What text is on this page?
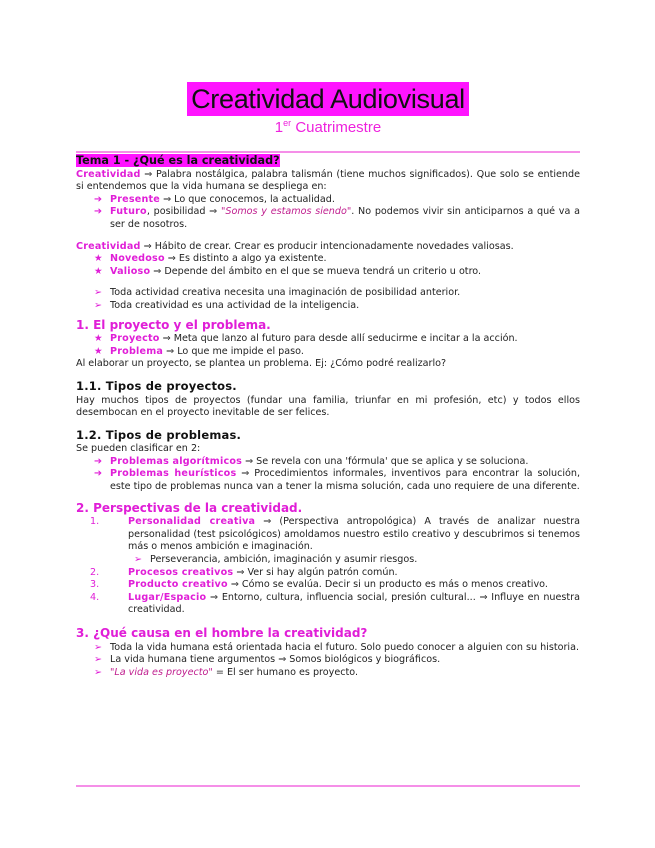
Creatividad Audiovisual
1er Cuatrimestre
Tema 1 - ¿Qué es la creatividad?

Creatividad ⇒ Palabra nostálgica, palabra talismán (tiene muchos significados). Que solo se entiende si entendemos que la vida humana se despliega en:

➔ Presente ⇒ Lo que conocemos, la actualidad.

➔ Futuro, posibilidad ⇒ "Somos y estamos siendo". No podemos vivir sin anticiparnos a qué va a ser de nosotros.

Creatividad ⇒ Hábito de crear. Crear es producir intencionadamente novedades valiosas.

★ Novedoso ⇒ Es distinto a algo ya existente.

★ Valioso ⇒ Depende del ámbito en el que se mueva tendrá un criterio u otro.

➢ Toda actividad creativa necesita una imaginación de posibilidad anterior.

➢ Toda creatividad es una actividad de la inteligencia.

1. El proyecto y el problema.
★ Proyecto ⇒ Meta que lanzo al futuro para desde allí seducirme e incitar a la acción.

★ Problema ⇒ Lo que me impide el paso.

Al elaborar un proyecto, se plantea un problema. Ej: ¿Cómo podré realizarlo?

1.1. Tipos de proyectos.

Hay muchos tipos de proyectos (fundar una familia, triunfar en mi profesión, etc) y todos ellos desembocan en el proyecto inevitable de ser felices.

1.2. Tipos de problemas.

Se pueden clasificar en 2:

➔ Problemas algorítmicos ⇒ Se revela con una 'fórmula' que se aplica y se soluciona.

➔ Problemas heurísticos ⇒ Procedimientos informales, inventivos para encontrar la solución, este tipo de problemas nunca van a tener la misma solución, cada uno requiere de una diferente.

2. Perspectivas de la creatividad.
1.	Personalidad creativa ⇒ (Perspectiva antropológica) A través de analizar nuestra personalidad (test psicológicos) amoldamos nuestro estilo creativo y descubrimos si tenemos más o menos ambición e imaginación.

➢ Perseverancia, ambición, imaginación y asumir riesgos.

2.	Procesos creativos ⇒ Ver si hay algún patrón común.

3.	Producto creativo ⇒ Cómo se evalúa. Decir si un producto es más o menos creativo.

4.	Lugar/Espacio ⇒ Entorno, cultura, influencia social, presión cultural... ⇒ Influye en nuestra creatividad.

3. ¿Qué causa en el hombre la creatividad?
➢ Toda la vida humana está orientada hacia el futuro. Solo puedo conocer a alguien con su historia.

➢ La vida humana tiene argumentos ⇒ Somos biológicos y biográficos.

➢ "La vida es proyecto" = El ser humano es proyecto.
